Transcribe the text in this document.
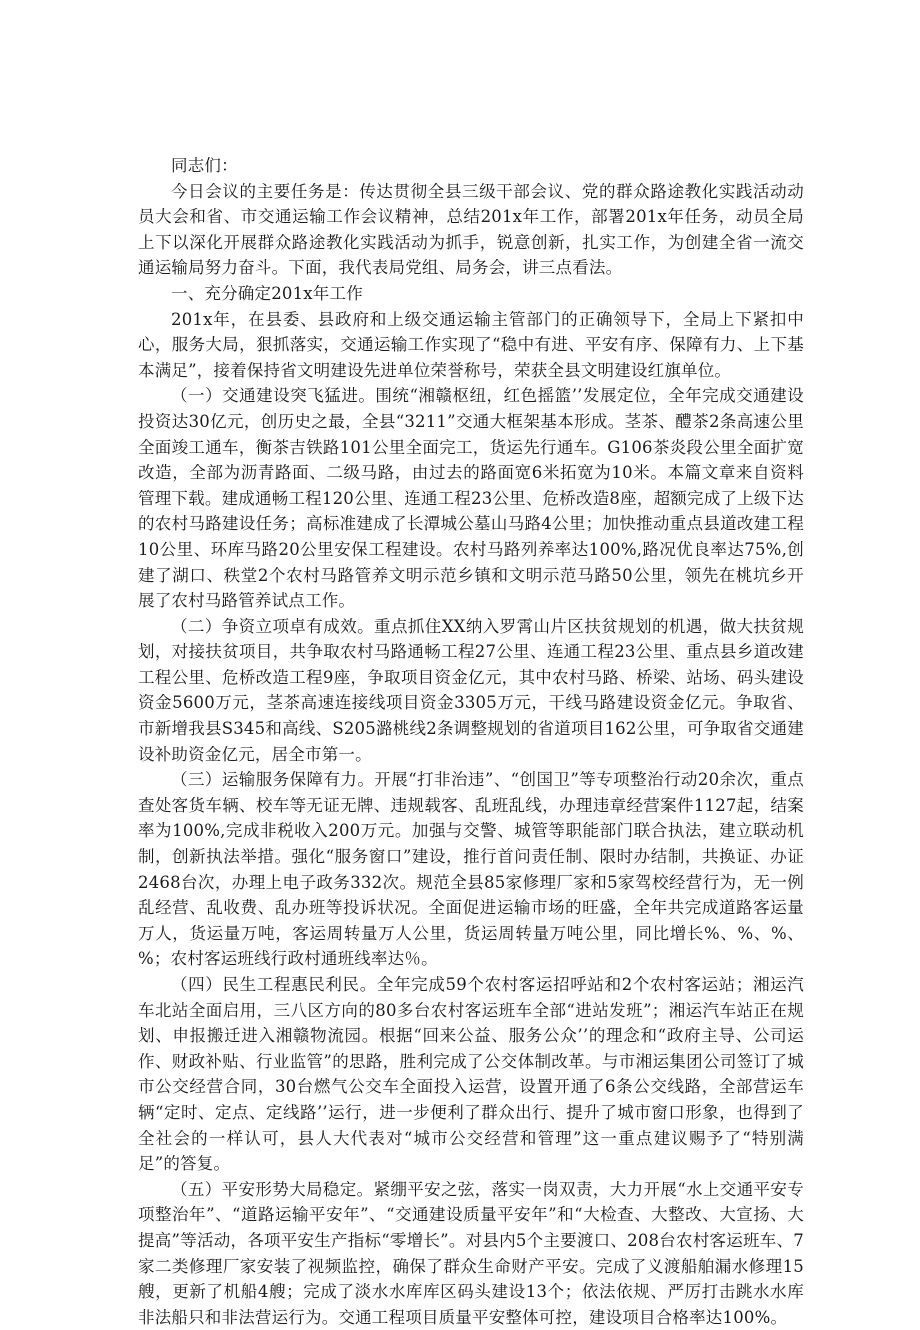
同志们：

今日会议的主要任务是：传达贯彻全县三级干部会议、党的群众路途教化实践活动动员大会和省、市交通运输工作会议精神，总结201x年工作，部署201x年任务，动员全局上下以深化开展群众路途教化实践活动为抓手，锐意创新，扎实工作，为创建全省一流交通运输局努力奋斗。下面，我代表局党组、局务会，讲三点看法。

一、充分确定201x年工作

201x年，在县委、县政府和上级交通运输主管部门的正确领导下，全局上下紧扣中心，服务大局，狠抓落实，交通运输工作实现了“稳中有进、平安有序、保障有力、上下基本满足”，接着保持省文明建设先进单位荣誉称号，荣获全县文明建设红旗单位。

（一）交通建设突飞猛进。围统“湘赣枢纽，红色摇篮’’发展定位，全年完成交通建设投资达30亿元，创历史之最，全县“3211”交通大框架基本形成。茎茶、醴茶2条高速公里全面竣工通车，衡茶吉铁路101公里全面完工，货运先行通车。G106茶炎段公里全面扩宽改造，全部为沥青路面、二级马路，由过去的路面宽6米拓宽为10米。本篇文章来自资料管理下载。建成通畅工程120公里、连通工程23公里、危桥改造8座，超额完成了上级下达的农村马路建设任务；高标准建成了长潭城公墓山马路4公里；加快推动重点县道改建工程10公里、环库马路20公里安保工程建设。农村马路列养率达100%,路况优良率达75%,创建了湖口、秩堂2个农村马路管养文明示范乡镇和文明示范马路50公里，领先在桃坑乡开展了农村马路管养试点工作。

（二）争资立项卓有成效。重点抓住XX纳入罗霄山片区扶贫规划的机遇，做大扶贫规划，对接扶贫项目，共争取农村马路通畅工程27公里、连通工程23公里、重点县乡道改建工程公里、危桥改造工程9座，争取项目资金亿元，其中农村马路、桥梁、站场、码头建设资金5600万元，茎茶高速连接线项目资金3305万元，干线马路建设资金亿元。争取省、市新增我县S345和高线、S205潞桃线2条调整规划的省道项目162公里，可争取省交通建设补助资金亿元，居全市第一。

（三）运输服务保障有力。开展“打非治违”、“创国卫”等专项整治行动20余次，重点查处客货车辆、校车等无证无牌、违规载客、乱班乱线，办理违章经营案件1127起，结案率为100%,完成非税收入200万元。加强与交警、城管等职能部门联合执法，建立联动机制，创新执法举措。强化“服务窗口”建设，推行首问责任制、限时办结制，共换证、办证2468台次，办理上电子政务332次。规范全县85家修理厂家和5家驾校经营行为，无一例乱经营、乱收费、乱办班等投诉状况。全面促进运输市场的旺盛，全年共完成道路客运量万人，货运量万吨，客运周转量万人公里，货运周转量万吨公里，同比增长%、%、%、%；农村客运班线行政村通班线率达％。

（四）民生工程惠民利民。全年完成59个农村客运招呼站和2个农村客运站；湘运汽车北站全面启用，三八区方向的80多台农村客运班车全部“进站发班”；湘运汽车站正在规划、申报搬迁进入湘赣物流园。根据“回来公益、服务公众’’的理念和“政府主导、公司运作、财政补贴、行业监管”的思路，胜利完成了公交体制改革。与市湘运集团公司签订了城市公交经营合同，30台燃气公交车全面投入运营，设置开通了6条公交线路，全部营运车辆“定时、定点、定线路’’运行，进一步便利了群众出行、提升了城市窗口形象，也得到了全社会的一样认可，县人大代表对“城市公交经营和管理”这一重点建议赐予了“特别满足”的答复。

（五）平安形势大局稳定。紧绷平安之弦，落实一岗双责，大力开展“水上交通平安专项整治年”、“道路运输平安年”、“交通建设质量平安年”和“大检查、大整改、大宣扬、大提高”等活动，各项平安生产指标“零增长”。对县内5个主要渡口、208台农村客运班车、7家二类修理厂家安装了视频监控，确保了群众生命财产平安。完成了义渡船舶漏水修理15艘，更新了机船4艘；完成了淡水水库库区码头建设13个；依法依规、严厉打击跳水水库非法船只和非法营运行为。交通工程项目质量平安整体可控，建设项目合格率达100%。
